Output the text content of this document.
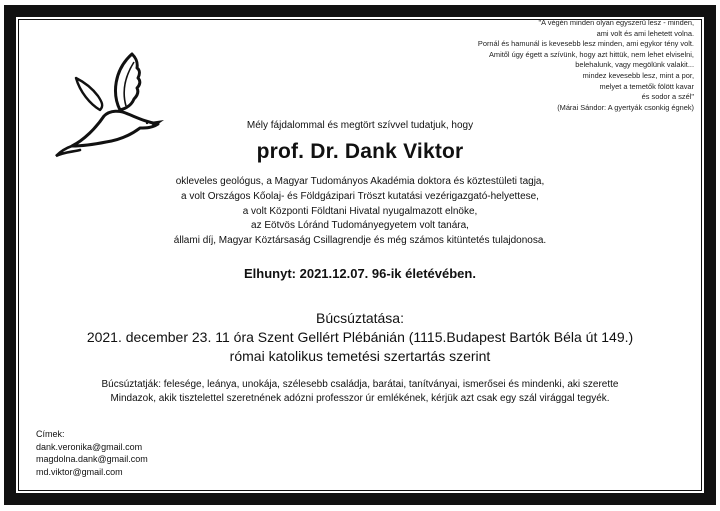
"A végén minden olyan egyszerű lesz - minden,
ami volt és ami lehetett volna.
Pornál és hamunál is kevesebb lesz minden, ami egykor tény volt.
Amitől úgy égett a szívünk, hogy azt hittük, nem lehet elviselni,
belehalunk, vagy megölünk valakit...
mindez kevesebb lesz, mint a por,
melyet a temetők fölött kavar
és sodor a szél"
(Márai Sándor: A gyertyák csonkig égnek)
Mély fájdalommal és megtört szívvel tudatjuk, hogy
prof. Dr. Dank Viktor
okleveles geológus, a Magyar Tudományos Akadémia doktora és köztestületi tagja,
a volt Országos Kőolaj- és Földgázipari Tröszt kutatási vezérigazgató-helyettese,
a volt Központi Földtani Hivatal nyugalmazott elnöke,
az Eötvös Lóránd Tudományegyetem volt tanára,
állami díj, Magyar Köztársaság Csillagrendje és még számos kitüntetés tulajdonosa.
Elhunyt: 2021.12.07. 96-ik életévében.
Búcsúztatása:
2021. december 23. 11 óra Szent Gellért Plébánián (1115.Budapest Bartók Béla út 149.)
római katolikus temetési szertartás szerint
Búcsúztatják: felesége, leánya, unokája, szélesebb családja, barátai, tanítványai, ismerősei és mindenki, aki szerette
Mindazok, akik tisztelettel szeretnének adózni professzor úr emlékének, kérjük azt csak egy szál virággal tegyék.
Címek:
dank.veronika@gmail.com
magdolna.dank@gmail.com
md.viktor@gmail.com
